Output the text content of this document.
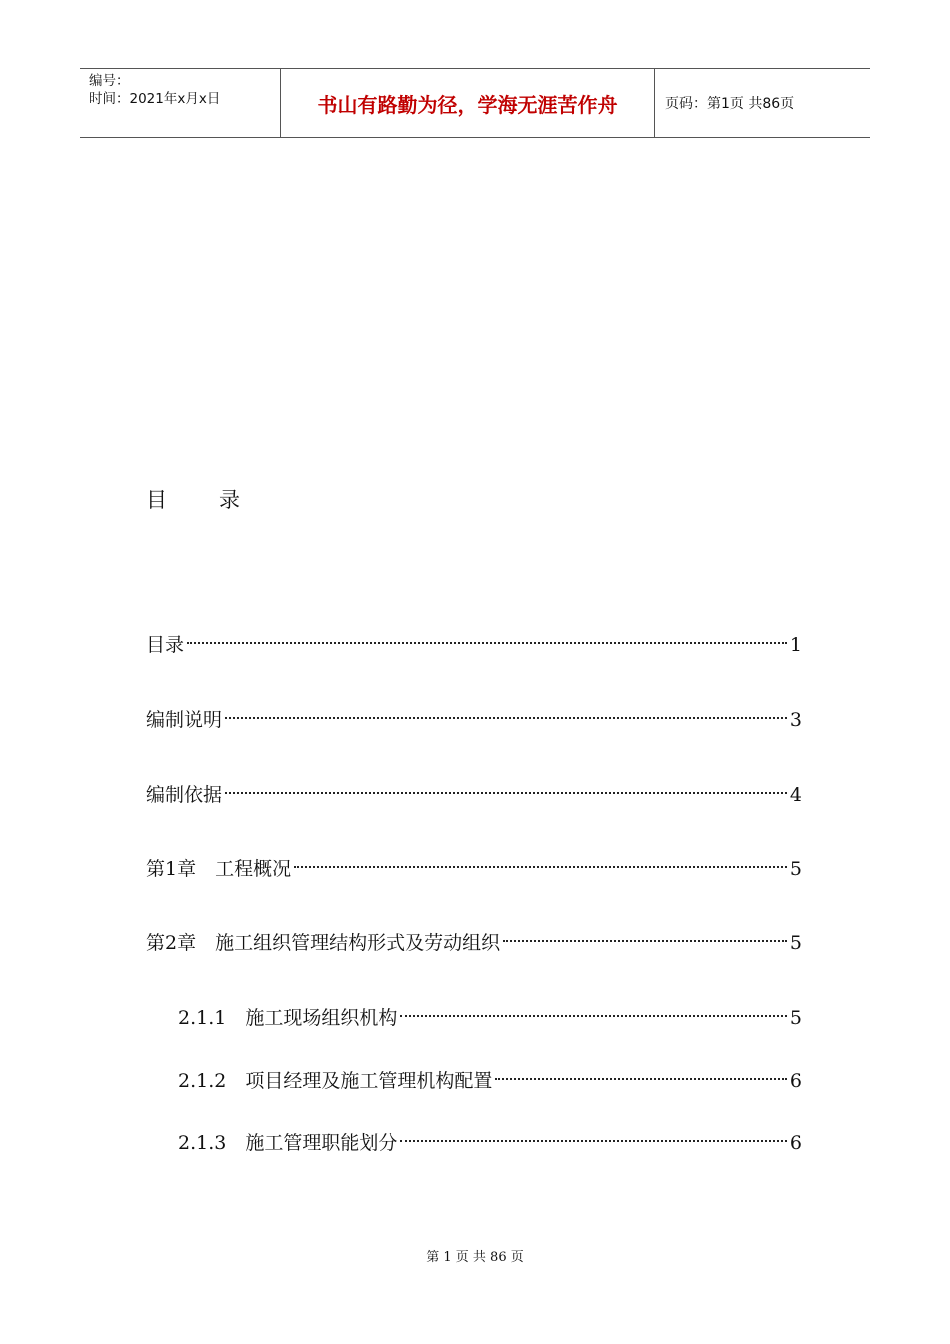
编号：
时间：2021年x月x日	书山有路勤为径，学海无涯苦作舟	页码：第1页 共86页
目 录
目录	1
编制说明	3
编制依据	4
第1章　工程概况	5
第2章　施工组织管理结构形式及劳动组织	5
2.1.1　施工现场组织机构	5
2.1.2　项目经理及施工管理机构配置	6
2.1.3　施工管理职能划分	6
第 1 页 共 86 页
